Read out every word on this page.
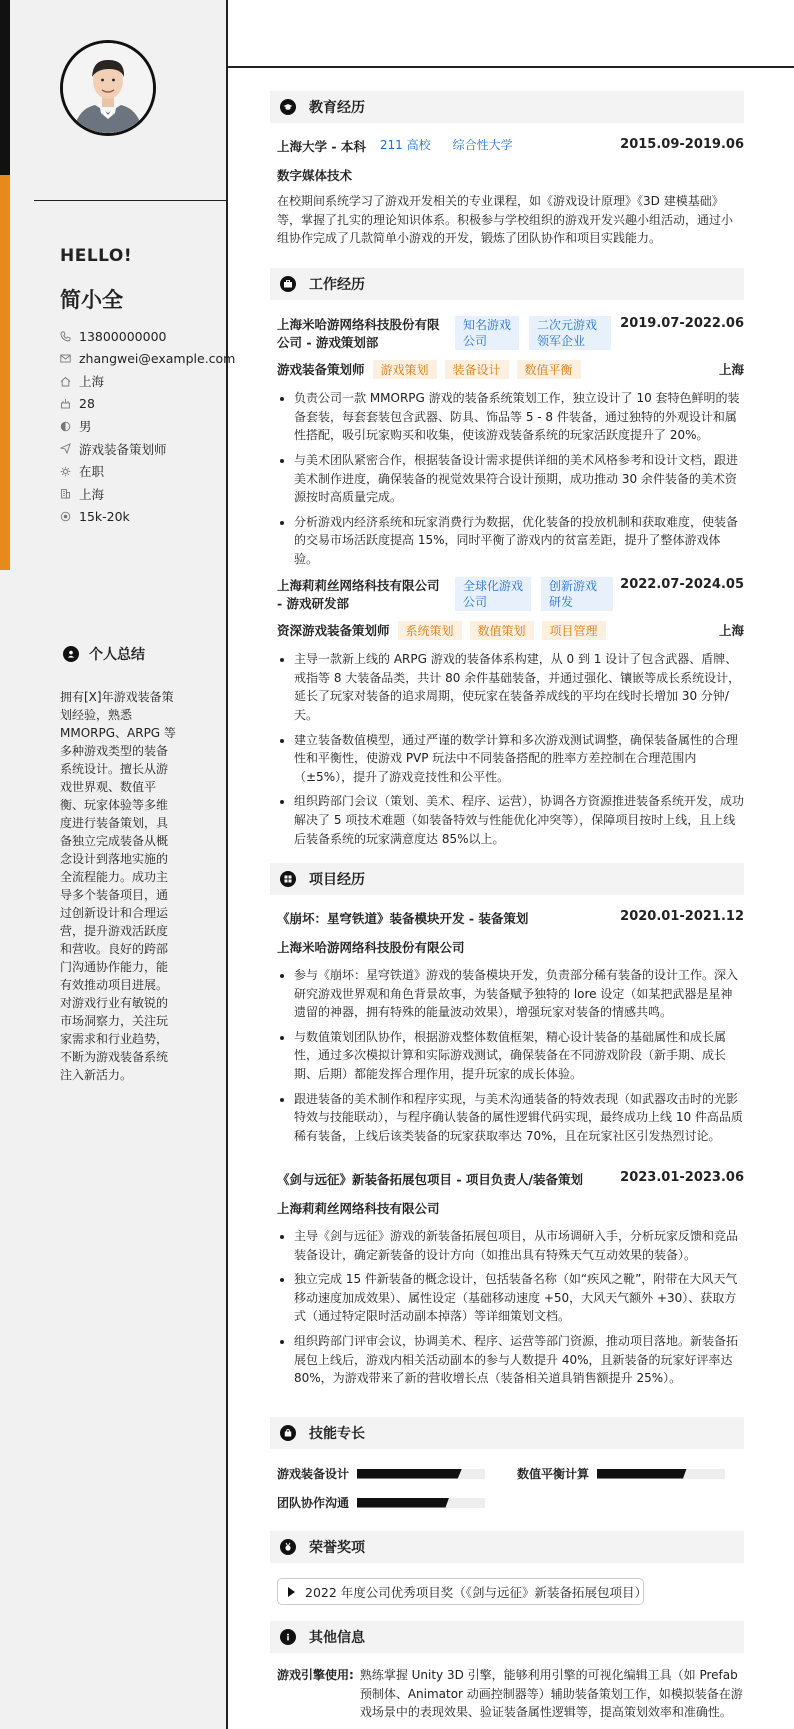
HELLO!
简小全
13800000000
zhangwei@example.com
上海
28
男
游戏装备策划师
在职
上海
15k-20k
个人总结
拥有[X]年游戏装备策划经验，熟悉MMORPG、ARPG 等多种游戏类型的装备系统设计。擅长从游戏世界观、数值平衡、玩家体验等多维度进行装备策划，具备独立完成装备从概念设计到落地实施的全流程能力。成功主导多个装备项目，通过创新设计和合理运营，提升游戏活跃度和营收。良好的跨部门沟通协作能力，能有效推动项目进展。对游戏行业有敏锐的市场洞察力，关注玩家需求和行业趋势，不断为游戏装备系统注入新活力。
教育经历
上海大学 - 本科	211 高校	综合性大学	2015.09-2019.06
数字媒体技术
在校期间系统学习了游戏开发相关的专业课程，如《游戏设计原理》《3D 建模基础》等，掌握了扎实的理论知识体系。积极参与学校组织的游戏开发兴趣小组活动，通过小组协作完成了几款简单小游戏的开发，锻炼了团队协作和项目实践能力。
工作经历
上海米哈游网络科技股份有限公司 - 游戏策划部
知名游戏公司
二次元游戏领军企业
2019.07-2022.06
游戏装备策划师	游戏策划	装备设计	数值平衡	上海
负责公司一款 MMORPG 游戏的装备系统策划工作，独立设计了 10 套特色鲜明的装备套装，每套套装包含武器、防具、饰品等 5 - 8 件装备，通过独特的外观设计和属性搭配，吸引玩家购买和收集，使该游戏装备系统的玩家活跃度提升了 20%。
与美术团队紧密合作，根据装备设计需求提供详细的美术风格参考和设计文档，跟进美术制作进度，确保装备的视觉效果符合设计预期，成功推动 30 余件装备的美术资源按时高质量完成。
分析游戏内经济系统和玩家消费行为数据，优化装备的投放机制和获取难度，使装备的交易市场活跃度提高 15%，同时平衡了游戏内的贫富差距，提升了整体游戏体验。
上海莉莉丝网络科技有限公司 - 游戏研发部
全球化游戏公司
创新游戏研发
2022.07-2024.05
资深游戏装备策划师	系统策划	数值策划	项目管理	上海
主导一款新上线的 ARPG 游戏的装备体系构建，从 0 到 1 设计了包含武器、盾牌、戒指等 8 大装备品类，共计 80 余件基础装备，并通过强化、镶嵌等成长系统设计，延长了玩家对装备的追求周期，使玩家在装备养成线的平均在线时长增加 30 分钟/天。
建立装备数值模型，通过严谨的数学计算和多次游戏测试调整，确保装备属性的合理性和平衡性，使游戏 PVP 玩法中不同装备搭配的胜率方差控制在合理范围内（±5%），提升了游戏竞技性和公平性。
组织跨部门会议（策划、美术、程序、运营），协调各方资源推进装备系统开发，成功解决了 5 项技术难题（如装备特效与性能优化冲突等），保障项目按时上线，且上线后装备系统的玩家满意度达 85%以上。
项目经历
《崩坏：星穹铁道》装备模块开发 - 装备策划	2020.01-2021.12
上海米哈游网络科技股份有限公司
参与《崩坏：星穹铁道》游戏的装备模块开发，负责部分稀有装备的设计工作。深入研究游戏世界观和角色背景故事，为装备赋予独特的 lore 设定（如某把武器是星神遗留的神器，拥有特殊的能量波动效果），增强玩家对装备的情感共鸣。
与数值策划团队协作，根据游戏整体数值框架，精心设计装备的基础属性和成长属性，通过多次模拟计算和实际游戏测试，确保装备在不同游戏阶段（新手期、成长期、后期）都能发挥合理作用，提升玩家的成长体验。
跟进装备的美术制作和程序实现，与美术沟通装备的特效表现（如武器攻击时的光影特效与技能联动），与程序确认装备的属性逻辑代码实现，最终成功上线 10 件高品质稀有装备，上线后该类装备的玩家获取率达 70%，且在玩家社区引发热烈讨论。
《剑与远征》新装备拓展包项目 - 项目负责人/装备策划	2023.01-2023.06
上海莉莉丝网络科技有限公司
主导《剑与远征》游戏的新装备拓展包项目，从市场调研入手，分析玩家反馈和竞品装备设计，确定新装备的设计方向（如推出具有特殊天气互动效果的装备）。
独立完成 15 件新装备的概念设计，包括装备名称（如“疾风之靴”，附带在大风天气移动速度加成效果）、属性设定（基础移动速度 +50，大风天气额外 +30）、获取方式（通过特定限时活动副本掉落）等详细策划文档。
组织跨部门评审会议，协调美术、程序、运营等部门资源，推动项目落地。新装备拓展包上线后，游戏内相关活动副本的参与人数提升 40%，且新装备的玩家好评率达 80%，为游戏带来了新的营收增长点（装备相关道具销售额提升 25%）。
技能专长
游戏装备设计	数值平衡计算
团队协作沟通
荣誉奖项
2022 年度公司优秀项目奖（《剑与远征》新装备拓展包项目）
其他信息
游戏引擎使用: 熟练掌握 Unity 3D 引擎，能够利用引擎的可视化编辑工具（如 Prefab 预制体、Animator 动画控制器等）辅助装备策划工作，如模拟装备在游戏场景中的表现效果、验证装备属性逻辑等，提高策划效率和准确性。
